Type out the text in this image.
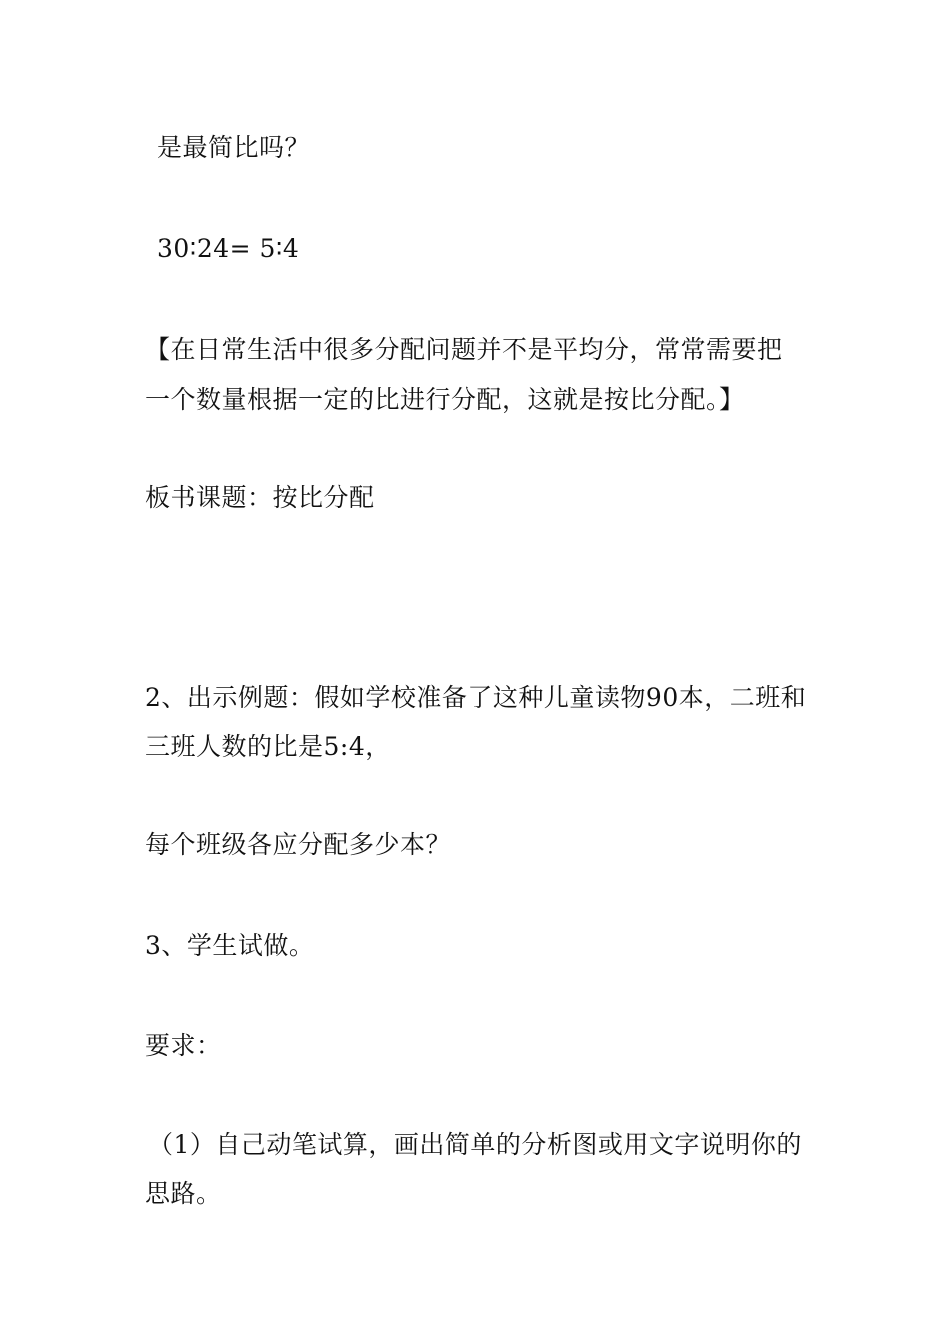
是最简比吗？
30∶24= 5∶4
【在日常生活中很多分配问题并不是平均分，常常需要把
一个数量根据一定的比进行分配，这就是按比分配。】
板书课题：按比分配
2、出示例题：假如学校准备了这种儿童读物90本，二班和
三班人数的比是5:4，
每个班级各应分配多少本？
3、学生试做。
要求：
（1）自己动笔试算，画出简单的分析图或用文字说明你的
思路。
